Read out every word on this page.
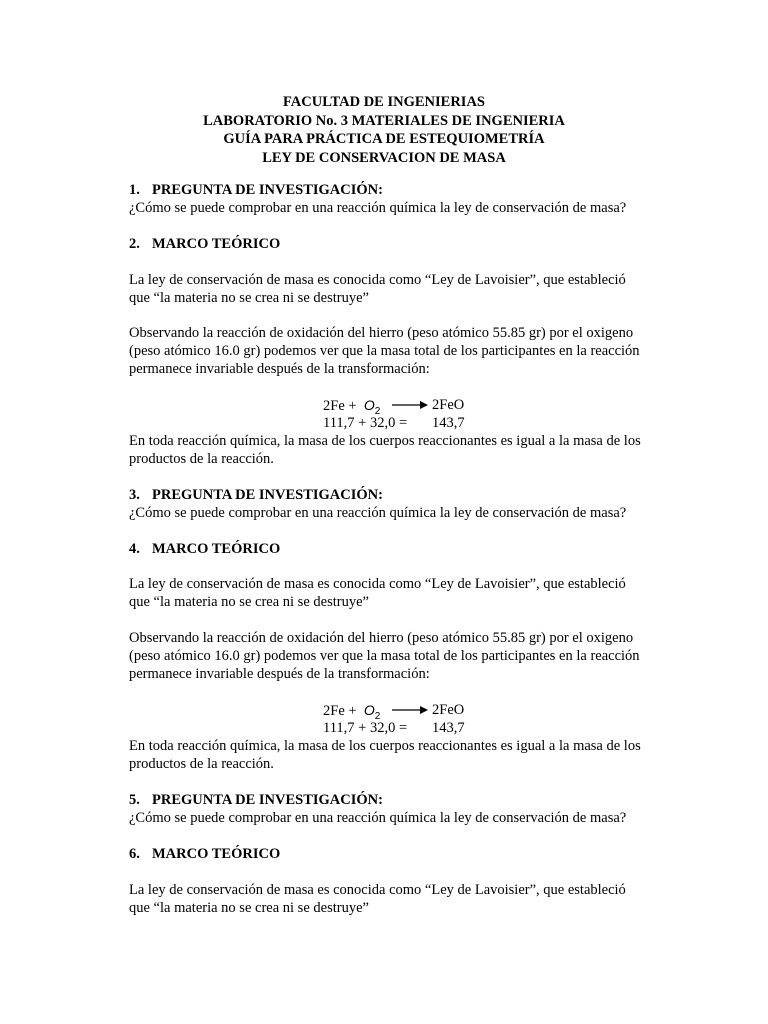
FACULTAD DE INGENIERIAS
LABORATORIO No. 3 MATERIALES DE INGENIERIA
GUÍA PARA PRÁCTICA DE ESTEQUIOMETRÍA
LEY DE CONSERVACION DE MASA
1. PREGUNTA DE INVESTIGACIÓN:

¿Cómo se puede comprobar en una reacción química la ley de conservación de masa?

2. MARCO TEÓRICO

La ley de conservación de masa es conocida como “Ley de Lavoisier”, que estableció

que “la materia no se crea ni se destruye”

Observando la reacción de oxidación del hierro (peso atómico 55.85 gr) por el oxigeno

(peso atómico 16.0 gr) podemos ver que la masa total de los participantes en la reacción

permanece invariable después de la transformación:

$2Fe + O_2 \to 2FeO$
111,7 + 32,0 = 143,7

En toda reacción química, la masa de los cuerpos reaccionantes es igual a la masa de los

productos de la reacción.

3. PREGUNTA DE INVESTIGACIÓN:

¿Cómo se puede comprobar en una reacción química la ley de conservación de masa?

4. MARCO TEÓRICO

La ley de conservación de masa es conocida como “Ley de Lavoisier”, que estableció

que “la materia no se crea ni se destruye”

Observando la reacción de oxidación del hierro (peso atómico 55.85 gr) por el oxigeno

(peso atómico 16.0 gr) podemos ver que la masa total de los participantes en la reacción

permanece invariable después de la transformación:

$2Fe + O_2 \to 2FeO$
111,7 + 32,0 = 143,7

En toda reacción química, la masa de los cuerpos reaccionantes es igual a la masa de los

productos de la reacción.

5. PREGUNTA DE INVESTIGACIÓN:

¿Cómo se puede comprobar en una reacción química la ley de conservación de masa?

6. MARCO TEÓRICO

La ley de conservación de masa es conocida como “Ley de Lavoisier”, que estableció

que “la materia no se crea ni se destruye”
